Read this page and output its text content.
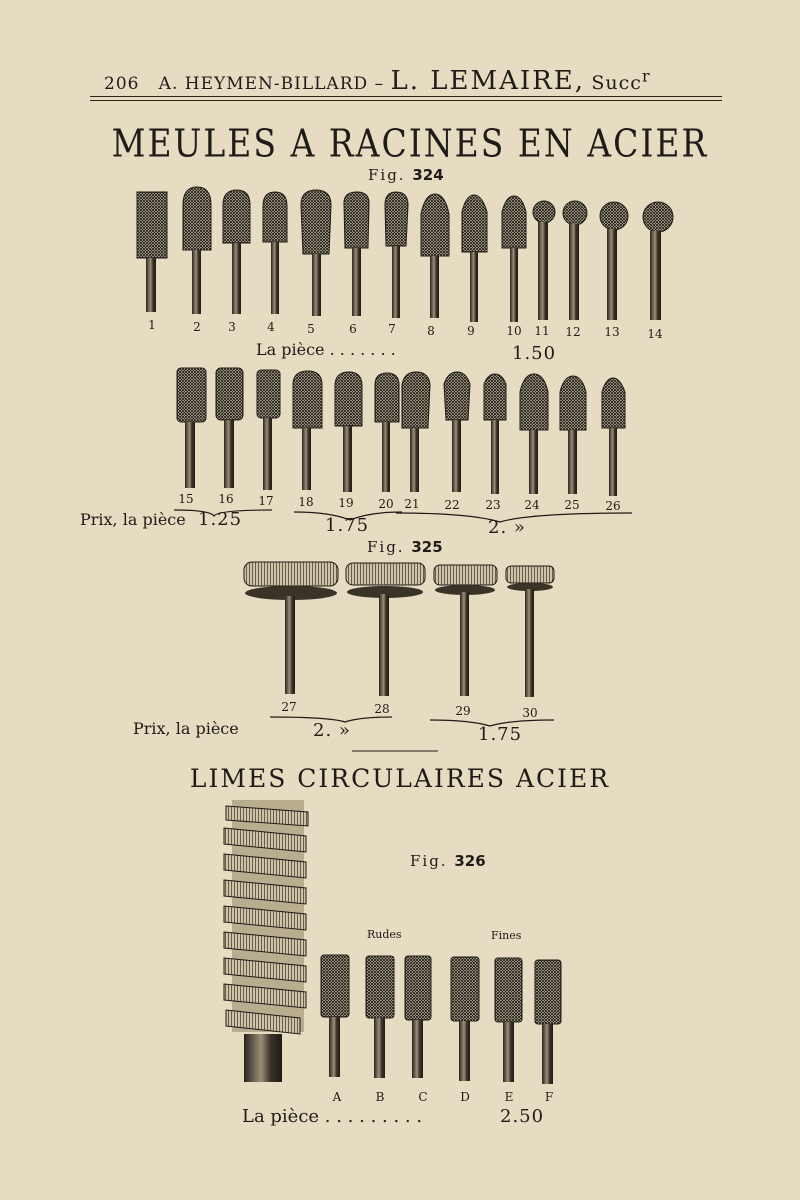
206 A. HEYMEN-BILLARD – L. LEMAIRE, Succ$^r$
MEULES A RACINES EN ACIER
Fig. 324
1	2	3	4	5	6	7	8	9	10	11	12	13	14
La pièce . . . . . . .	1.50
15	16	17	18	19	20 21	22	23	24	25	26
Prix, la pièce 1.25	1.75	2. »
Fig. 325
27	28	29	30
Prix, la pièce	2. »	1.75
LIMES CIRCULAIRES ACIER
Fig. 326
Rudes	Fines
A	B	C	D	E	F
La pièce . . . . . . . . .	2.50
